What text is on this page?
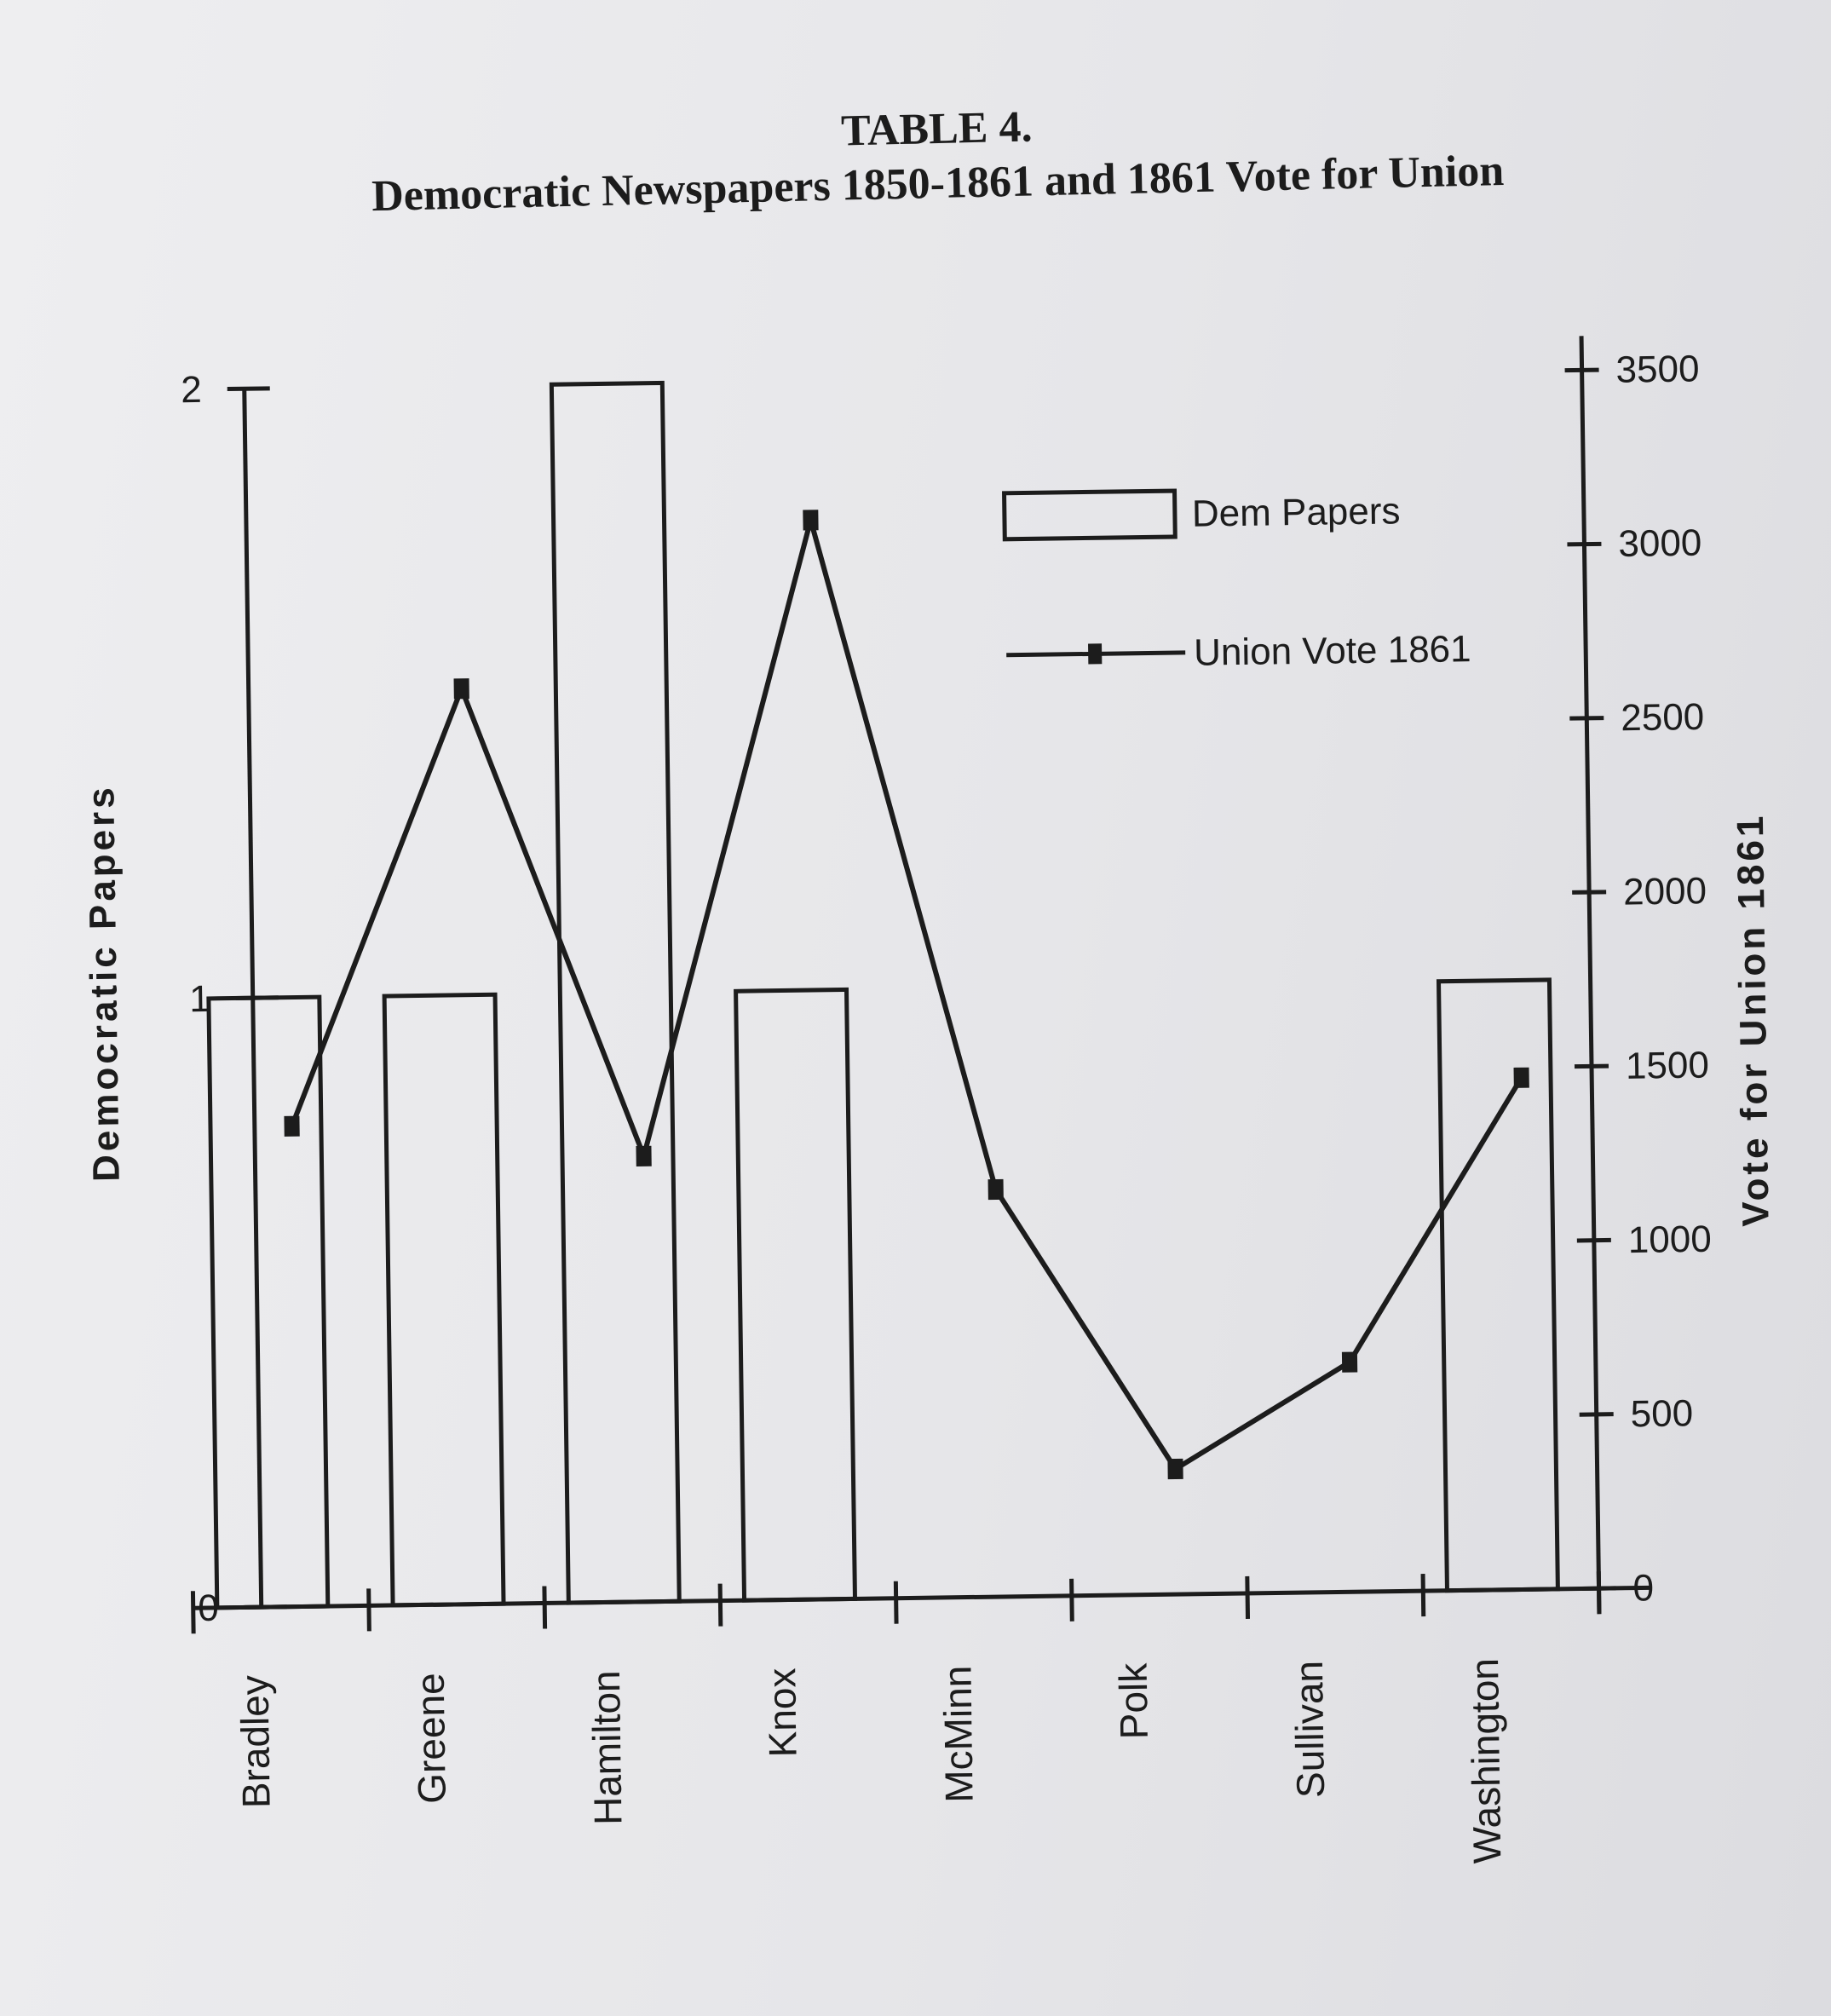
TABLE 4.
Democratic Newspapers 1850-1861 and 1861 Vote for Union
0
1
2
0
500
1000
1500
2000
2500
3000
3500
Bradley	Greene	Hamilton	Knox	McMinn	Polk	Sullivan	Washington
Democratic Papers	Vote for Union 1861
Dem Papers
Union Vote 1861
